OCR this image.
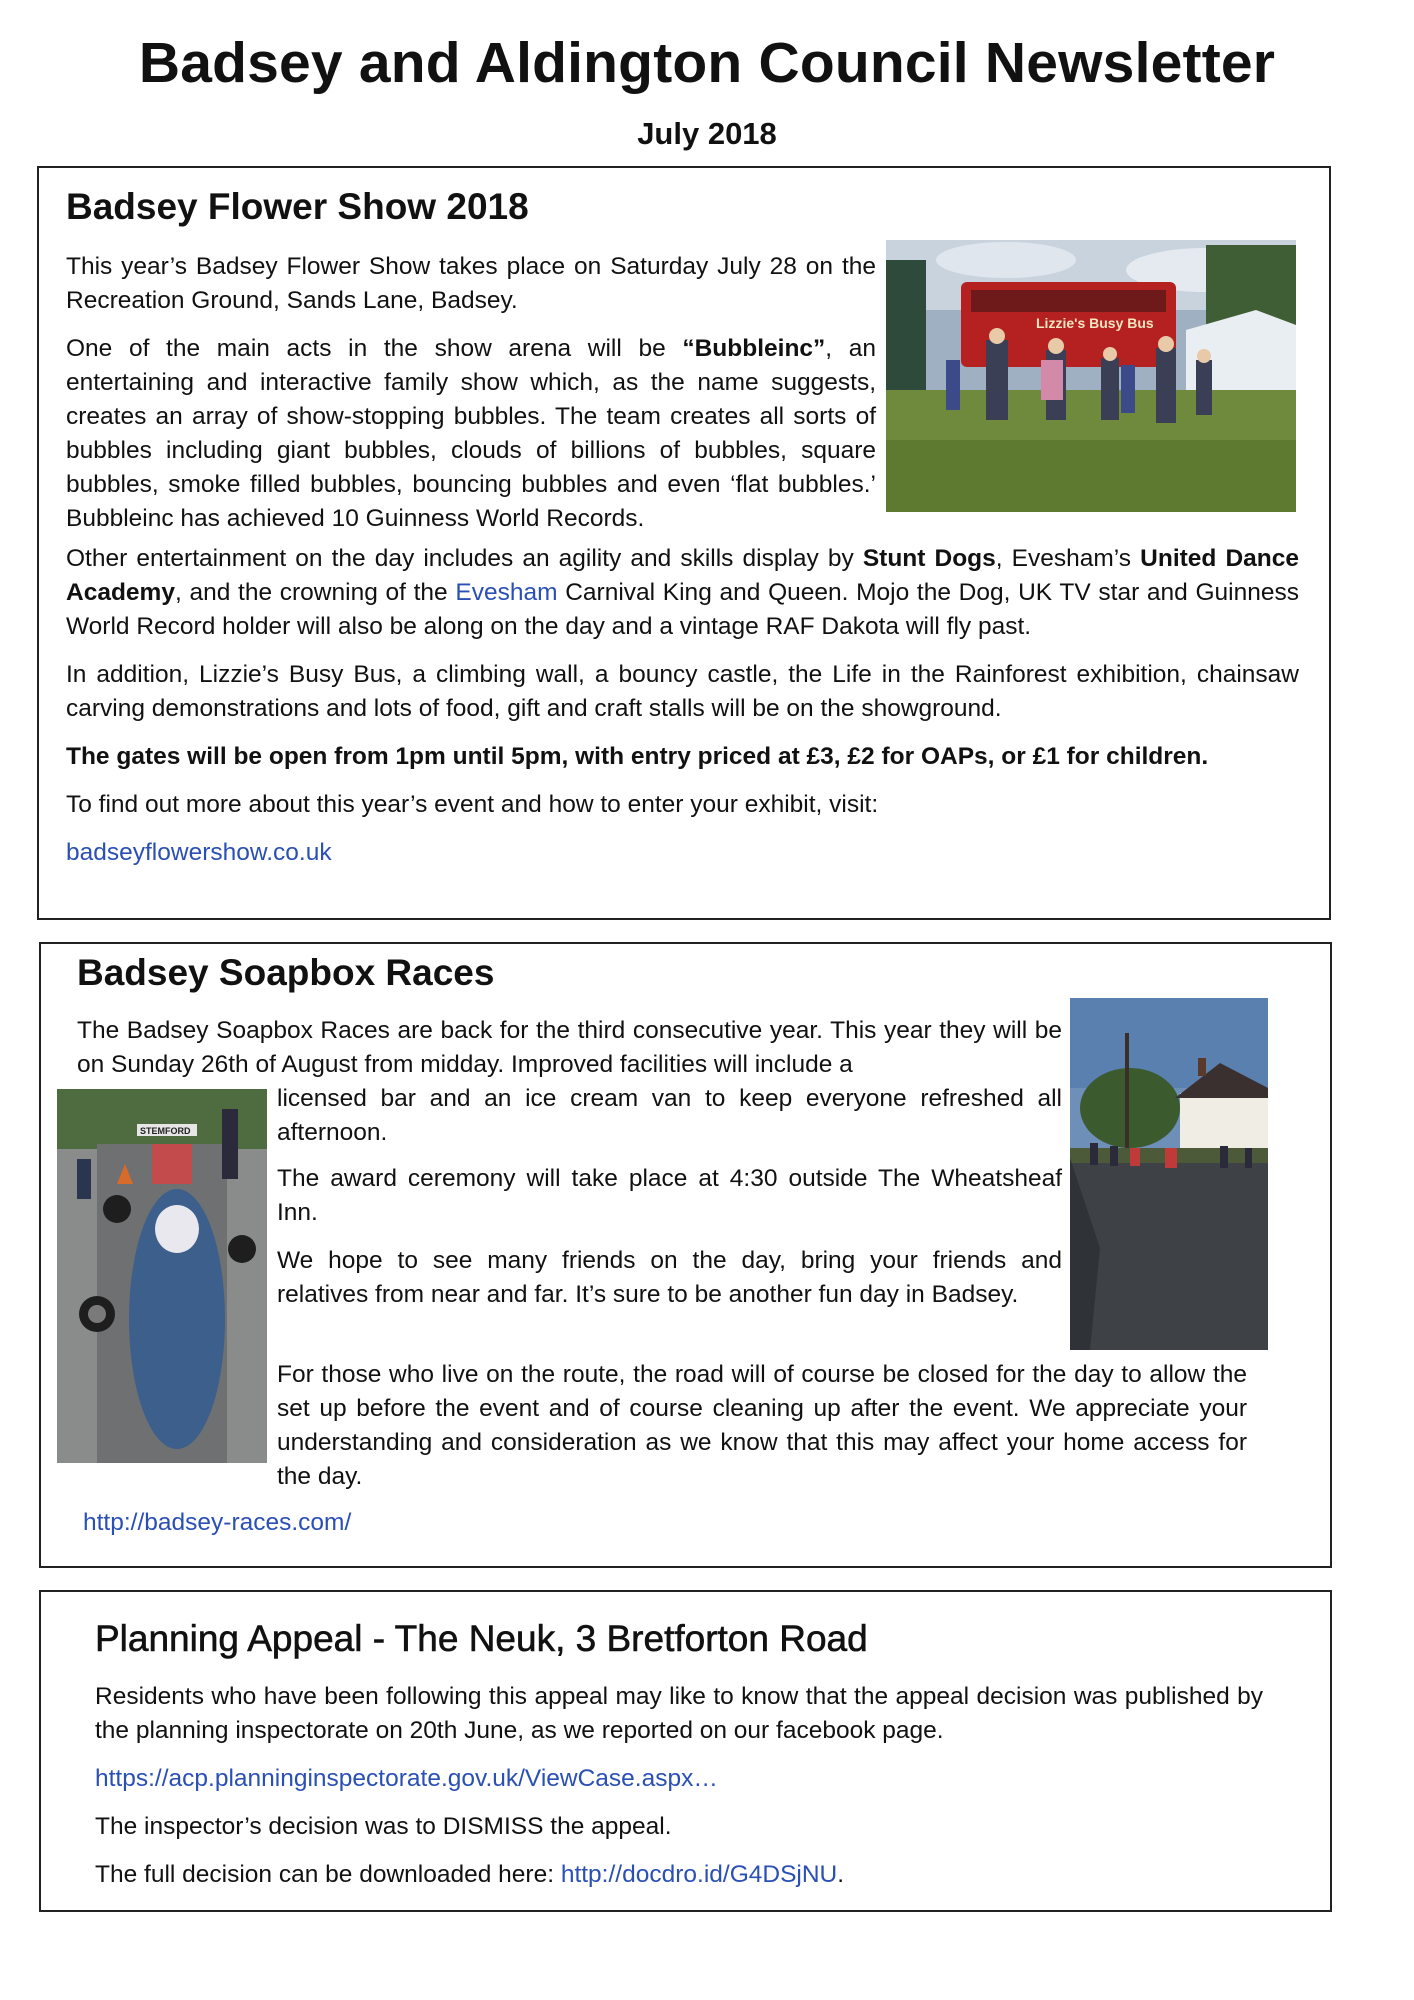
Badsey and Aldington Council Newsletter
July 2018
Badsey Flower Show 2018
This year’s Badsey Flower Show takes place on Saturday July 28 on the Recreation Ground, Sands Lane, Badsey.
One of the main acts in the show arena will be “Bubbleinc”, an entertaining and interactive family show which, as the name suggests, creates an array of show-stopping bubbles. The team creates all sorts of bubbles including giant bubbles, clouds of billions of bubbles, square bubbles, smoke filled bubbles, bouncing bubbles and even ‘flat bubbles.’ Bubbleinc has achieved 10 Guinness World Records.
Lizzie's Busy Bus
Other entertainment on the day includes an agility and skills display by Stunt Dogs, Evesham’s United Dance Academy, and the crowning of the Evesham Carnival King and Queen. Mojo the Dog, UK TV star and Guinness World Record holder will also be along on the day and a vintage RAF Dakota will fly past.
In addition, Lizzie’s Busy Bus, a climbing wall, a bouncy castle, the Life in the Rainforest exhibition, chainsaw carving demonstrations and lots of food, gift and craft stalls will be on the showground.
The gates will be open from 1pm until 5pm, with entry priced at £3, £2 for OAPs, or £1 for children.
To find out more about this year’s event and how to enter your exhibit, visit:
badseyflowershow.co.uk
Badsey Soapbox Races
The Badsey Soapbox Races are back for the third consecutive year. This year they will be on Sunday 26th of August from midday. Improved facilities will include a
STEMFORD
licensed bar and an ice cream van to keep everyone refreshed all afternoon.
The award ceremony will take place at 4:30 outside The Wheatsheaf Inn.
We hope to see many friends on the day, bring your friends and relatives from near and far. It’s sure to be another fun day in Badsey.
For those who live on the route, the road will of course be closed for the day to allow the set up before the event and of course cleaning up after the event. We appreciate your understanding and consideration as we know that this may affect your home access for the day.
http://badsey-races.com/
Planning Appeal - The Neuk, 3 Bretforton Road
Residents who have been following this appeal may like to know that the appeal decision was published by the planning inspectorate on 20th June, as we reported on our facebook page.
https://acp.planninginspectorate.gov.uk/ViewCase.aspx…
The inspector’s decision was to DISMISS the appeal.
The full decision can be downloaded here: http://docdro.id/G4DSjNU.
